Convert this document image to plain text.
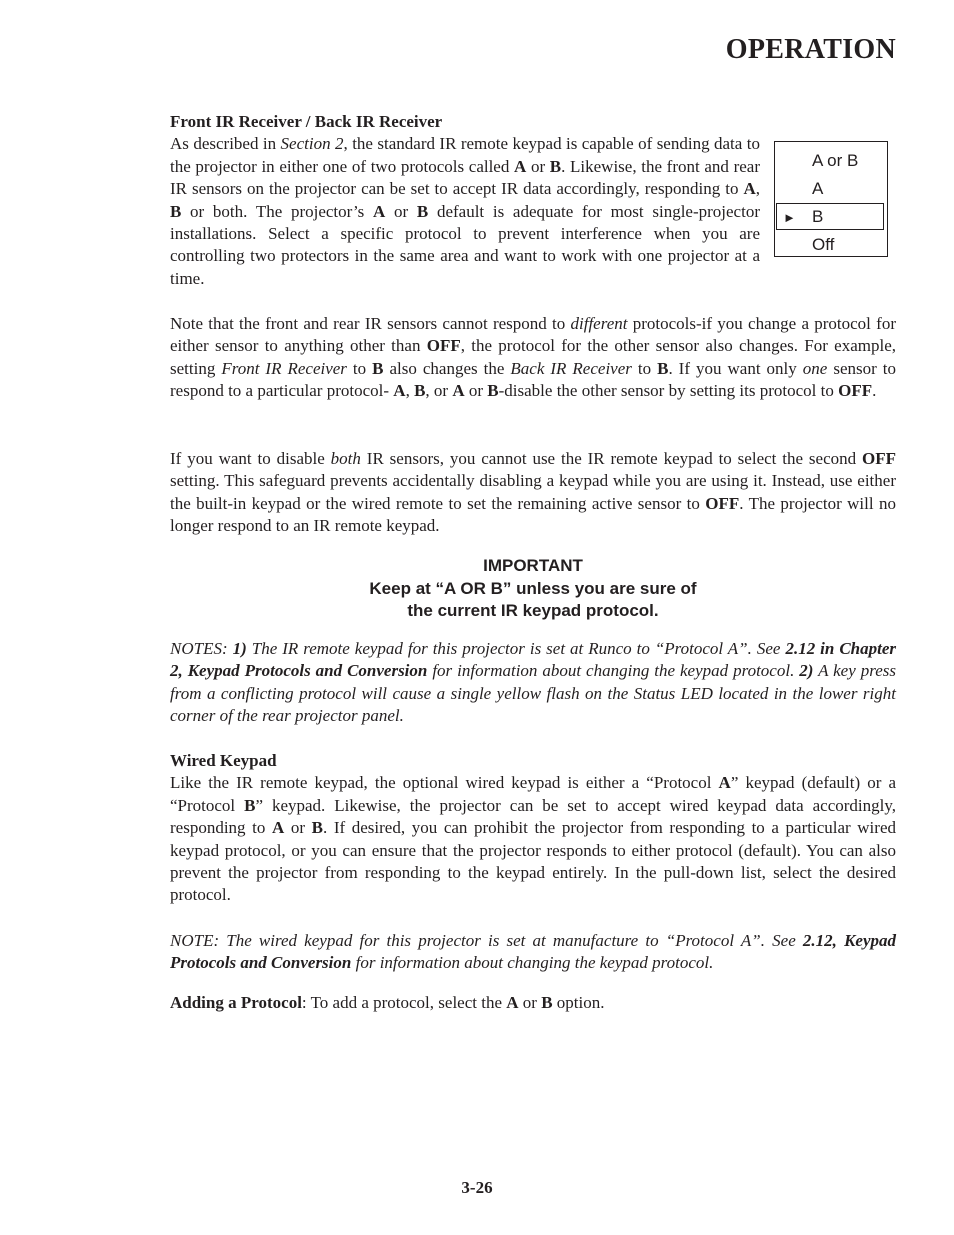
OPERATION

Front IR Receiver / Back IR Receiver

As described in Section 2, the standard IR remote keypad is capable of sending data to the projector in either one of two protocols called A or B. Likewise, the front and rear IR sensors on the projector can be set to accept IR data accordingly, responding to A, B or both. The projector’s A or B default is adequate for most single-projector installations. Select a specific protocol to prevent interference when you are controlling two protectors in the same area and want to work with one projector at a time.

A or B
A
► B
Off

Note that the front and rear IR sensors cannot respond to different protocols-if you change a protocol for either sensor to anything other than OFF, the protocol for the other sensor also changes. For example, setting Front IR Receiver to B also changes the Back IR Receiver to B. If you want only one sensor to respond to a particular protocol- A, B, or A or B-disable the other sensor by setting its protocol to OFF.

If you want to disable both IR sensors, you cannot use the IR remote keypad to select the second OFF setting. This safeguard prevents accidentally disabling a keypad while you are using it. Instead, use either the built-in keypad or the wired remote to set the remaining active sensor to OFF. The projector will no longer respond to an IR remote keypad.

IMPORTANT
Keep at “A OR B” unless you are sure of
the current IR keypad protocol.

NOTES: 1) The IR remote keypad for this projector is set at Runco to “Protocol A”. See 2.12 in Chapter 2, Keypad Protocols and Conversion for information about changing the keypad protocol. 2) A key press from a conflicting protocol will cause a single yellow flash on the Status LED located in the lower right corner of the rear projector panel.

Wired Keypad

Like the IR remote keypad, the optional wired keypad is either a “Protocol A” keypad (default) or a “Protocol B” keypad. Likewise, the projector can be set to accept wired keypad data accordingly, responding to A or B. If desired, you can prohibit the projector from responding to a particular wired keypad protocol, or you can ensure that the projector responds to either protocol (default). You can also prevent the projector from responding to the keypad entirely. In the pull-down list, select the desired protocol.

NOTE: The wired keypad for this projector is set at manufacture to “Protocol A”. See 2.12, Keypad Protocols and Conversion for information about changing the keypad protocol.

Adding a Protocol: To add a protocol, select the A or B option.

3-26
